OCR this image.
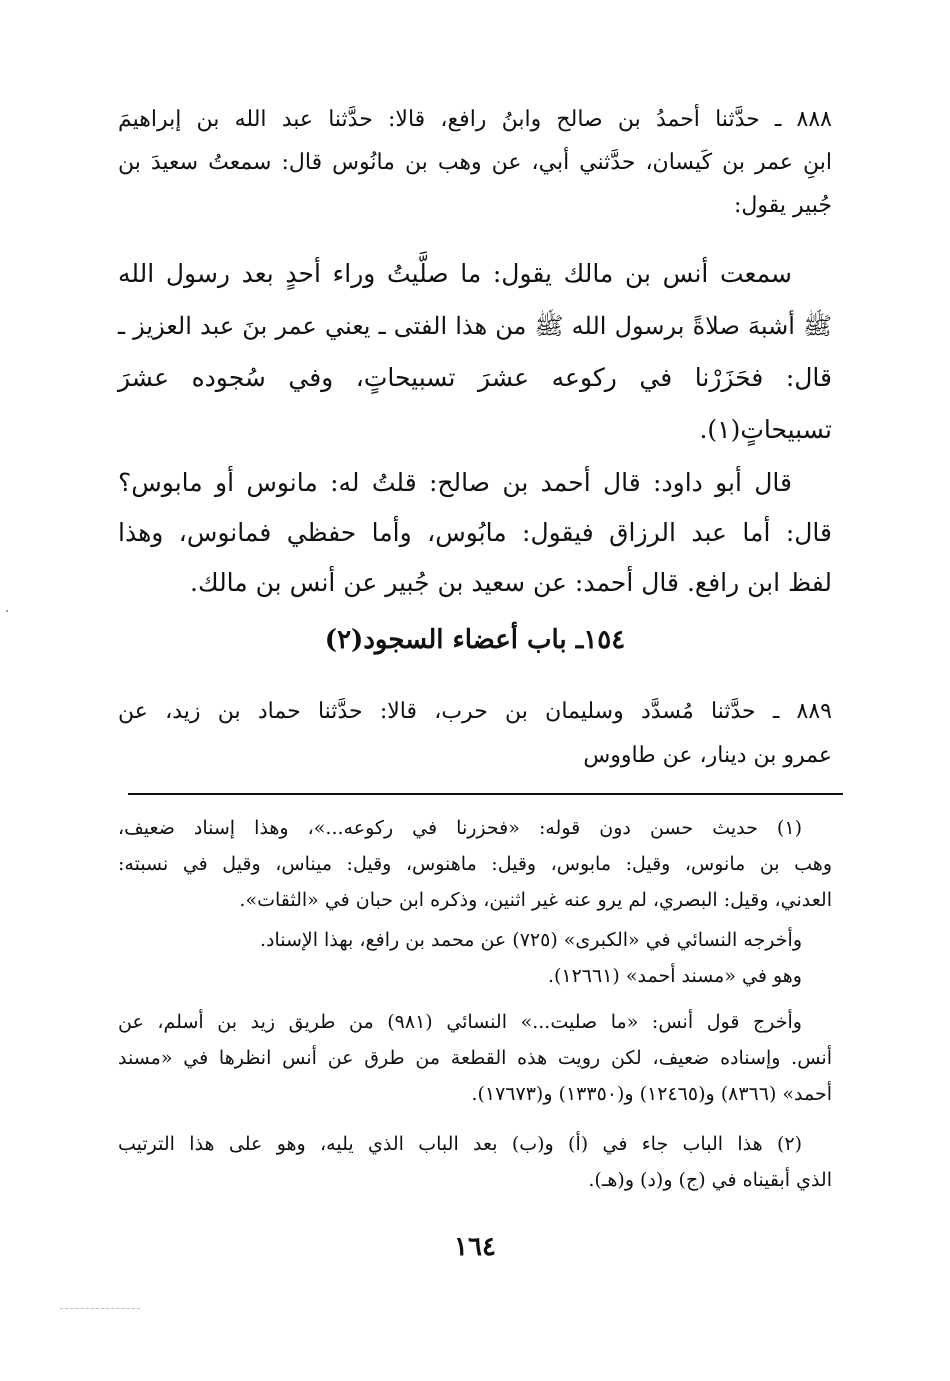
٨٨٨ ـ حدَّثنا أحمدُ بن صالح وابنُ رافع، قالا: حدَّثنا عبد الله بن إبراهيمَ
ابنِ عمر بن كَيسان، حدَّثني أبي، عن وهب بن مانُوس قال: سمعتُ سعيدَ بن
جُبير يقول:
سمعت أنس بن مالك يقول: ما صلَّيتُ وراء أحدٍ بعد رسول الله
ﷺ أشبهَ صلاةً برسول الله ﷺ من هذا الفتى ـ يعني عمر بنَ عبد العزيز ـ
قال: فحَزَرْنا في ركوعه عشرَ تسبيحاتٍ، وفي سُجوده عشرَ
تسبيحاتٍ(١).
قال أبو داود: قال أحمد بن صالح: قلتُ له: مانوس أو مابوس؟
قال: أما عبد الرزاق فيقول: مابُوس، وأما حفظي فمانوس، وهذا
لفظ ابن رافع. قال أحمد: عن سعيد بن جُبير عن أنس بن مالك.
١٥٤ـ باب أعضاء السجود(٢)
٨٨٩ ـ حدَّثنا مُسدَّد وسليمان بن حرب، قالا: حدَّثنا حماد بن زيد، عن
عمرو بن دينار، عن طاووس
(١) حديث حسن دون قوله: «فحزرنا في ركوعه...»، وهذا إسناد ضعيف،
وهب بن مانوس، وقيل: مابوس، وقيل: ماهنوس، وقيل: ميناس، وقيل في نسبته:
العدني، وقيل: البصري، لم يرو عنه غير اثنين، وذكره ابن حبان في «الثقات».
وأخرجه النسائي في «الكبرى» (٧٢٥) عن محمد بن رافع، بهذا الإسناد.
وهو في «مسند أحمد» (١٢٦٦١).
وأخرج قول أنس: «ما صليت...» النسائي (٩٨١) من طريق زيد بن أسلم، عن
أنس. وإسناده ضعيف، لكن رويت هذه القطعة من طرق عن أنس انظرها في «مسند
أحمد» (٨٣٦٦) و(١٢٤٦٥) و(١٣٣٥٠) و(١٧٦٧٣).
(٢) هذا الباب جاء في (أ) و(ب) بعد الباب الذي يليه، وهو على هذا الترتيب
الذي أبقيناه في (ج) و(د) و(هـ).
١٦٤
